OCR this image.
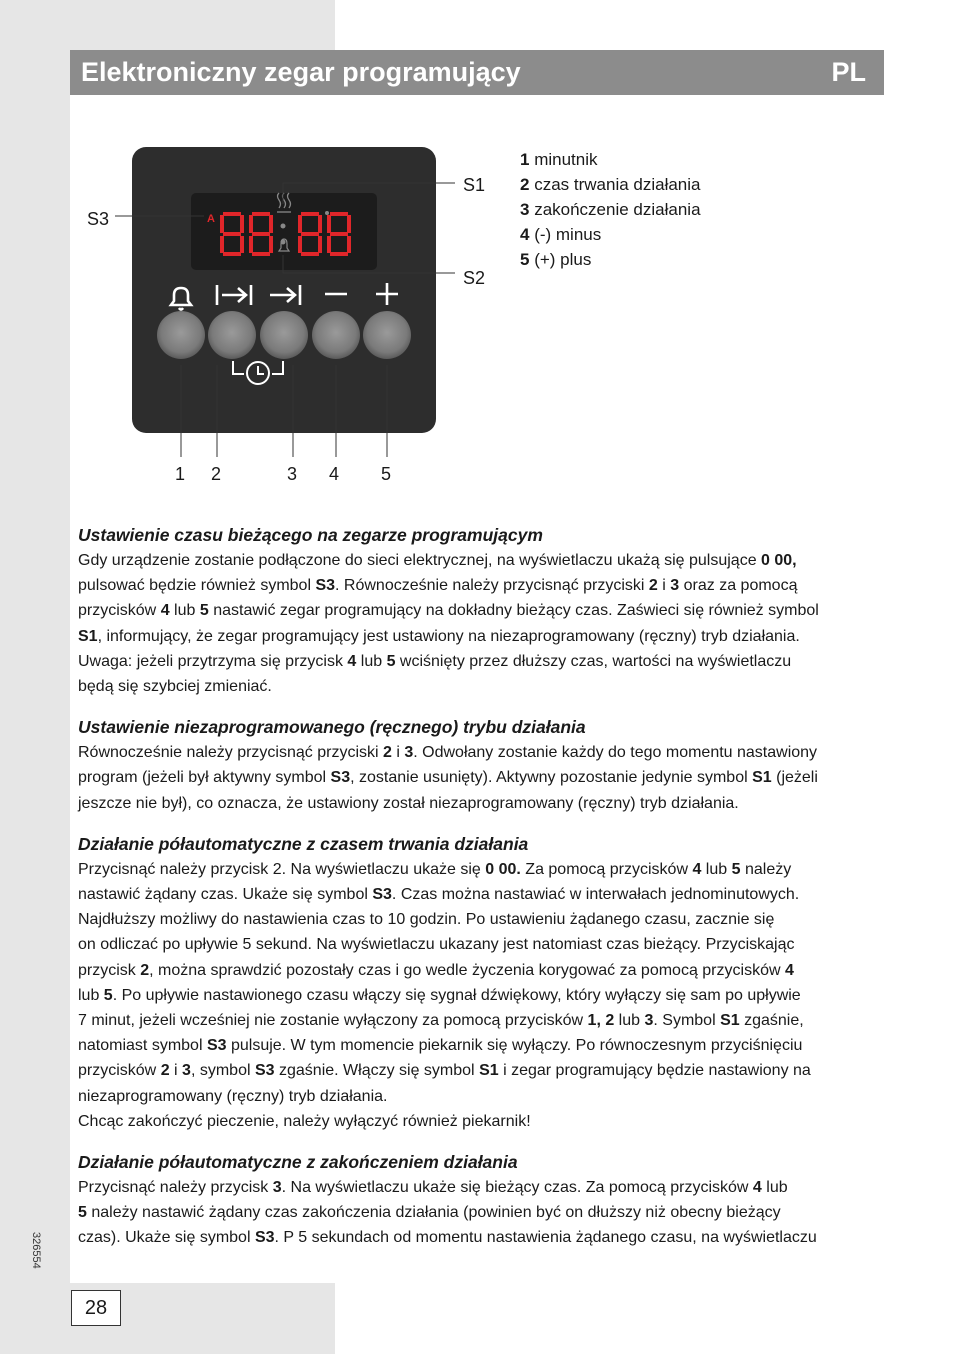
Elektroniczny zegar programujący	PL
A
S1
S2
S3
1 2	3 4 5
1 minutnik
2 czas trwania działania
3 zakończenie działania
4 (-) minus
5 (+) plus
Ustawienie czasu bieżącego na zegarze programującym

Gdy urządzenie zostanie podłączone do sieci elektrycznej, na wyświetlaczu ukażą się pulsujące 0 00,

pulsować będzie również symbol S3. Równocześnie należy przycisnąć przyciski 2 i 3 oraz za pomocą

przycisków 4 lub 5 nastawić zegar programujący na dokładny bieżący czas. Zaświeci się również symbol

S1, informujący, że zegar programujący jest ustawiony na niezaprogramowany (ręczny) tryb działania.

Uwaga: jeżeli przytrzyma się przycisk 4 lub 5 wciśnięty przez dłuższy czas, wartości na wyświetlaczu

będą się szybciej zmieniać.

Ustawienie niezaprogramowanego (ręcznego) trybu działania

Równocześnie należy przycisnąć przyciski 2 i 3. Odwołany zostanie każdy do tego momentu nastawiony

program (jeżeli był aktywny symbol S3, zostanie usunięty). Aktywny pozostanie jedynie symbol S1 (jeżeli

jeszcze nie był), co oznacza, że ustawiony został niezaprogramowany (ręczny) tryb działania.

Działanie półautomatyczne z czasem trwania działania

Przycisnąć należy przycisk 2. Na wyświetlaczu ukaże się 0 00. Za pomocą przycisków 4 lub 5 należy

nastawić żądany czas. Ukaże się symbol S3. Czas można nastawiać w interwałach jednominutowych.

Najdłuższy możliwy do nastawienia czas to 10 godzin. Po ustawieniu żądanego czasu, zacznie się

on odliczać po upływie 5 sekund. Na wyświetlaczu ukazany jest natomiast czas bieżący. Przyciskając

przycisk 2, można sprawdzić pozostały czas i go wedle życzenia korygować za pomocą przycisków 4

lub 5. Po upływie nastawionego czasu włączy się sygnał dźwiękowy, który wyłączy się sam po upływie

7 minut, jeżeli wcześniej nie zostanie wyłączony za pomocą przycisków 1, 2 lub 3. Symbol S1 zgaśnie,

natomiast symbol S3 pulsuje. W tym momencie piekarnik się wyłączy. Po równoczesnym przyciśnięciu

przycisków 2 i 3, symbol S3 zgaśnie. Włączy się symbol S1 i zegar programujący będzie nastawiony na

niezaprogramowany (ręczny) tryb działania.

Chcąc zakończyć pieczenie, należy wyłączyć również piekarnik!

Działanie półautomatyczne z zakończeniem działania

Przycisnąć należy przycisk 3. Na wyświetlaczu ukaże się bieżący czas. Za pomocą przycisków 4 lub

5 należy nastawić żądany czas zakończenia działania (powinien być on dłuższy niż obecny bieżący

czas). Ukaże się symbol S3. P 5 sekundach od momentu nastawienia żądanego czasu, na wyświetlaczu

326554
28
